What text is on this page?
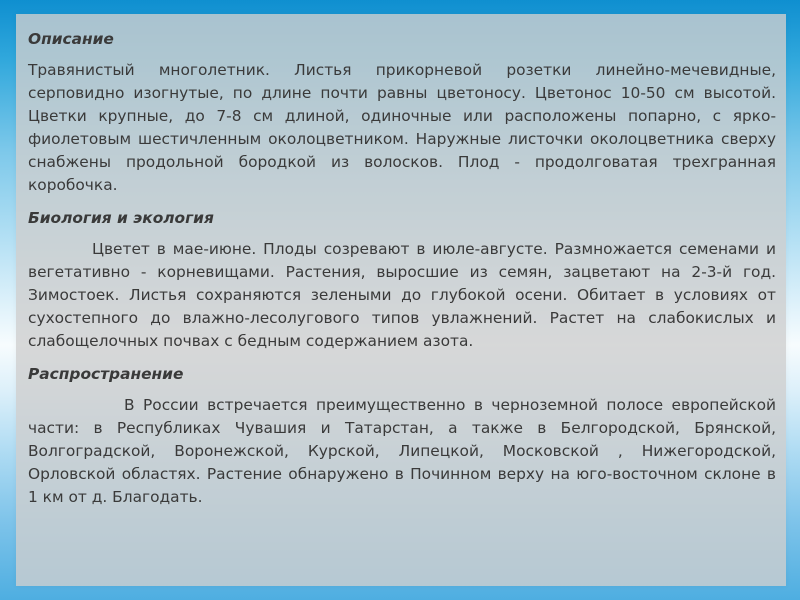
Описание
Травянистый многолетник. Листья прикорневой розетки линейно-мечевидные, серповидно изогнутые, по длине почти равны цветоносу. Цветонос 10-50 см высотой. Цветки крупные, до 7-8 см длиной, одиночные или расположены попарно, с ярко-фиолетовым шестичленным околоцветником. Наружные листочки околоцветника сверху снабжены продольной бородкой из волосков. Плод - продолговатая трехгранная коробочка.
Биология и экология
Цветет в мае-июне. Плоды созревают в июле-августе. Размножается семенами и вегетативно - корневищами. Растения, выросшие из семян, зацветают на 2-3-й год. Зимостоек. Листья сохраняются зелеными до глубокой осени. Обитает в условиях от сухостепного до влажно-лесолугового типов увлажнений. Растет на слабокислых и слабощелочных почвах с бедным содержанием азота.
Распространение
В России встречается преимущественно в черноземной полосе европейской части: в Республиках Чувашия и Татарстан, а также в Белгородской, Брянской, Волгоградской, Воронежской, Курской, Липецкой, Московской , Нижегородской, Орловской областях. Растение обнаружено в Починном верху на юго-восточном склоне в 1 км от д. Благодать.
